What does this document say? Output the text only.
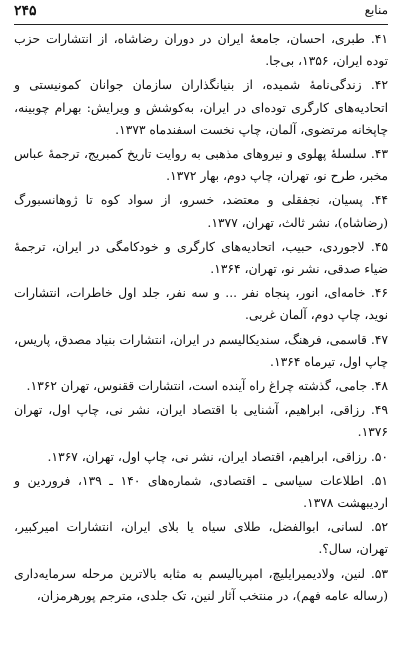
منابع
۲۴۵
۴۱. طبری، احسان، جامعهٔ ایران در دوران رضاشاه، از انتشارات حزب توده ایران، ۱۳۵۶، بی‌جا.
۴۲. زندگی‌نامهٔ شمیده، از بنیانگذاران سازمان جوانان کمونیستی و اتحادیه‌های کارگری توده‌ای در ایران، به‌کوشش و ویرایش: بهرام چوبینه، چاپخانه مرتضوی، آلمان، چاپ نخست اسفندماه ۱۳۷۳.
۴۳. سلسلهٔ پهلوی و نیروهای مذهبی به روایت تاریخ کمبریج، ترجمهٔ عباس مخبر، طرح نو، تهران، چاپ دوم، بهار ۱۳۷۲.
۴۴. پسیان، نجفقلی و معتضد، خسرو، از سواد کوه تا ژوهانسبورگ (رضاشاه)، نشر ثالث، تهران، ۱۳۷۷.
۴۵. لاجوردی، حبیب، اتحادیه‌های کارگری و خودکامگی در ایران، ترجمهٔ ضیاء صدقی، نشر نو، تهران، ۱۳۶۴.
۴۶. خامه‌ای، انور، پنجاه نفر ... و سه نفر، جلد اول خاطرات، انتشارات نوید، چاپ دوم، آلمان غربی.
۴۷. قاسمی، فرهنگ، سندیکالیسم در ایران، انتشارات بنیاد مصدق، پاریس، چاپ اول، تیرماه ۱۳۶۴.
۴۸. جامی، گذشته چراغ راه آینده است، انتشارات ققنوس، تهران ۱۳۶۲.
۴۹. رزاقی، ابراهیم، آشنایی با اقتصاد ایران، نشر نی، چاپ اول، تهران ۱۳۷۶.
۵۰. رزاقی، ابراهیم، اقتصاد ایران، نشر نی، چاپ اول، تهران، ۱۳۶۷.
۵۱. اطلاعات سیاسی ـ اقتصادی، شماره‌های ۱۴۰ ـ ۱۳۹، فروردین و اردیبهشت ۱۳۷۸.
۵۲. لسانی، ابوالفضل، طلای سیاه یا بلای ایران، انتشارات امیرکبیر، تهران، سال؟.
۵۳. لنین، ولادیمیرایلیچ، امپریالیسم به مثابه بالاترین مرحله سرمایه‌داری (رساله عامه فهم)، در منتخب آثار لنین، تک جلدی، مترجم پورهرمزان،
